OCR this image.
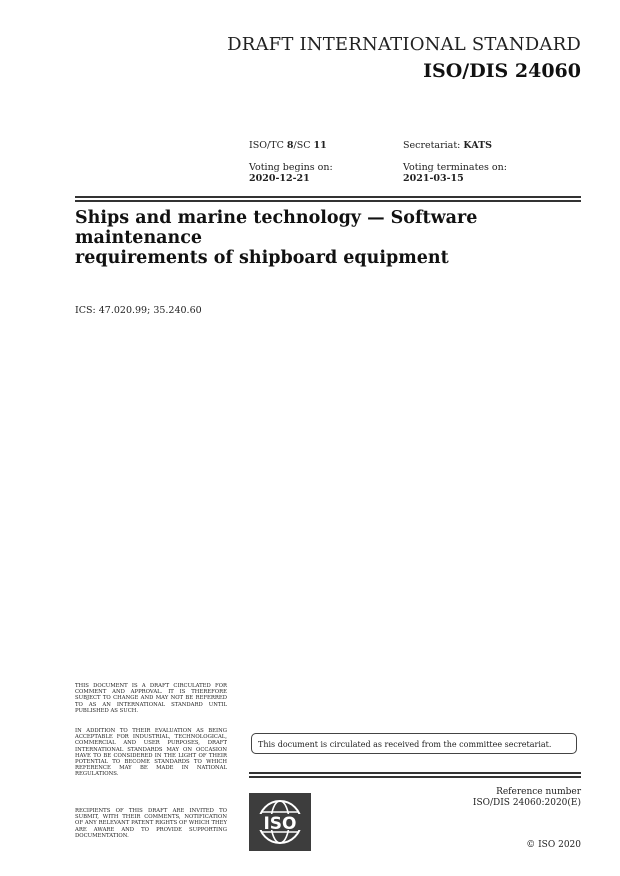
DRAFT INTERNATIONAL STANDARD
ISO/DIS 24060
ISO/TC 8/SC 11	Secretariat: KATS
Voting begins on:
2020-12-21
Voting terminates on:
2021-03-15
Ships and marine technology — Software maintenance
requirements of shipboard equipment
ICS: 47.020.99; 35.240.60
THIS DOCUMENT IS A DRAFT CIRCULATED FOR COMMENT AND APPROVAL. IT IS THEREFORE SUBJECT TO CHANGE AND MAY NOT BE REFERRED TO AS AN INTERNATIONAL STANDARD UNTIL PUBLISHED AS SUCH.
IN ADDITION TO THEIR EVALUATION AS BEING ACCEPTABLE FOR INDUSTRIAL, TECHNOLOGICAL, COMMERCIAL AND USER PURPOSES, DRAFT INTERNATIONAL STANDARDS MAY ON OCCASION HAVE TO BE CONSIDERED IN THE LIGHT OF THEIR POTENTIAL TO BECOME STANDARDS TO WHICH REFERENCE MAY BE MADE IN NATIONAL REGULATIONS.
RECIPIENTS OF THIS DRAFT ARE INVITED TO SUBMIT, WITH THEIR COMMENTS, NOTIFICATION OF ANY RELEVANT PATENT RIGHTS OF WHICH THEY ARE AWARE AND TO PROVIDE SUPPORTING DOCUMENTATION.
This document is circulated as received from the committee secretariat.
ISO
Reference number
ISO/DIS 24060:2020(E)
© ISO 2020
